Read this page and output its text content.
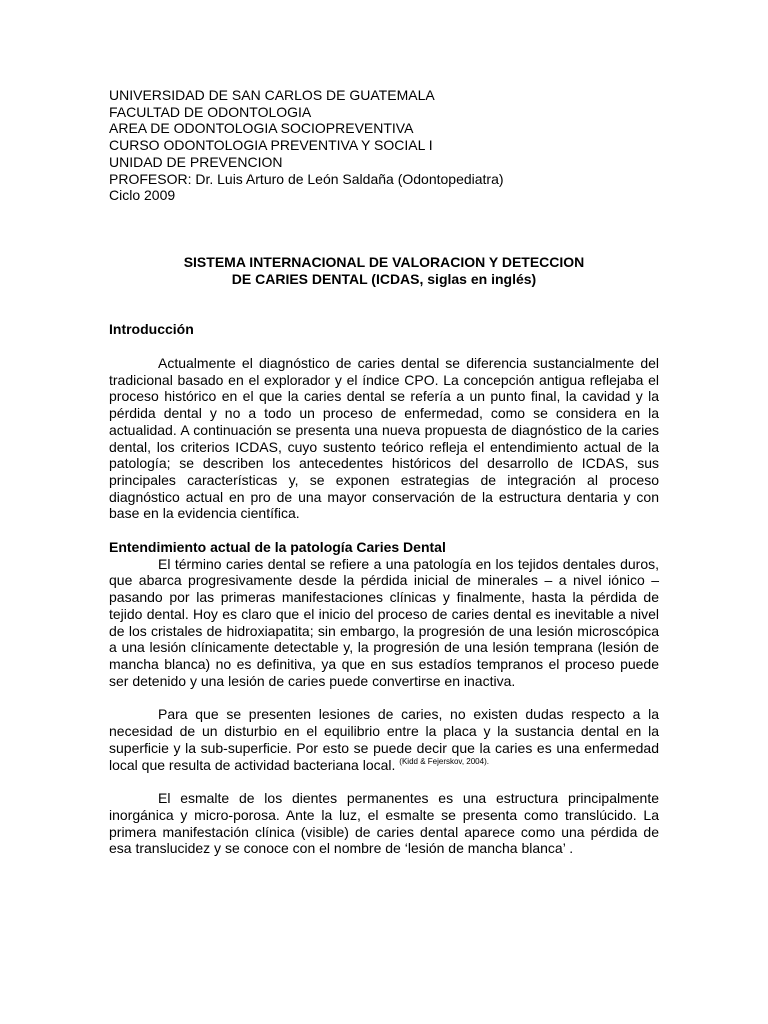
UNIVERSIDAD DE SAN CARLOS DE GUATEMALA
FACULTAD DE ODONTOLOGIA
AREA DE ODONTOLOGIA SOCIOPREVENTIVA
CURSO ODONTOLOGIA PREVENTIVA Y SOCIAL I
UNIDAD DE PREVENCION
PROFESOR: Dr. Luis Arturo de León Saldaña (Odontopediatra)
Ciclo 2009
SISTEMA INTERNACIONAL DE VALORACION Y DETECCION
DE CARIES DENTAL (ICDAS, siglas en inglés)
Introducción

Actualmente el diagnóstico de caries dental se diferencia sustancialmente del tradicional basado en el explorador y el índice CPO. La concepción antigua reflejaba el proceso histórico en el que la caries dental se refería a un punto final, la cavidad y la pérdida dental y no a todo un proceso de enfermedad, como se considera en la actualidad. A continuación se presenta una nueva propuesta de diagnóstico de la caries dental, los criterios ICDAS, cuyo sustento teórico refleja el entendimiento actual de la patología; se describen los antecedentes históricos del desarrollo de ICDAS, sus principales características y, se exponen estrategias de integración al proceso diagnóstico actual en pro de una mayor conservación de la estructura dentaria y con base en la evidencia científica.

Entendimiento actual de la patología Caries Dental

El término caries dental se refiere a una patología en los tejidos dentales duros, que abarca progresivamente desde la pérdida inicial de minerales – a nivel iónico – pasando por las primeras manifestaciones clínicas y finalmente, hasta la pérdida de tejido dental. Hoy es claro que el inicio del proceso de caries dental es inevitable a nivel de los cristales de hidroxiapatita; sin embargo, la progresión de una lesión microscópica a una lesión clínicamente detectable y, la progresión de una lesión temprana (lesión de mancha blanca) no es definitiva, ya que en sus estadíos tempranos el proceso puede ser detenido y una lesión de caries puede convertirse en inactiva.

Para que se presenten lesiones de caries, no existen dudas respecto a la necesidad de un disturbio en el equilibrio entre la placa y la sustancia dental en la superficie y la sub-superficie. Por esto se puede decir que la caries es una enfermedad local que resulta de actividad bacteriana local. $^{(Kidd \& Fejerskov, 2004).}$

El esmalte de los dientes permanentes es una estructura principalmente inorgánica y micro-porosa. Ante la luz, el esmalte se presenta como translúcido. La primera manifestación clínica (visible) de caries dental aparece como una pérdida de esa translucidez y se conoce con el nombre de ‘lesión de mancha blanca’ .
